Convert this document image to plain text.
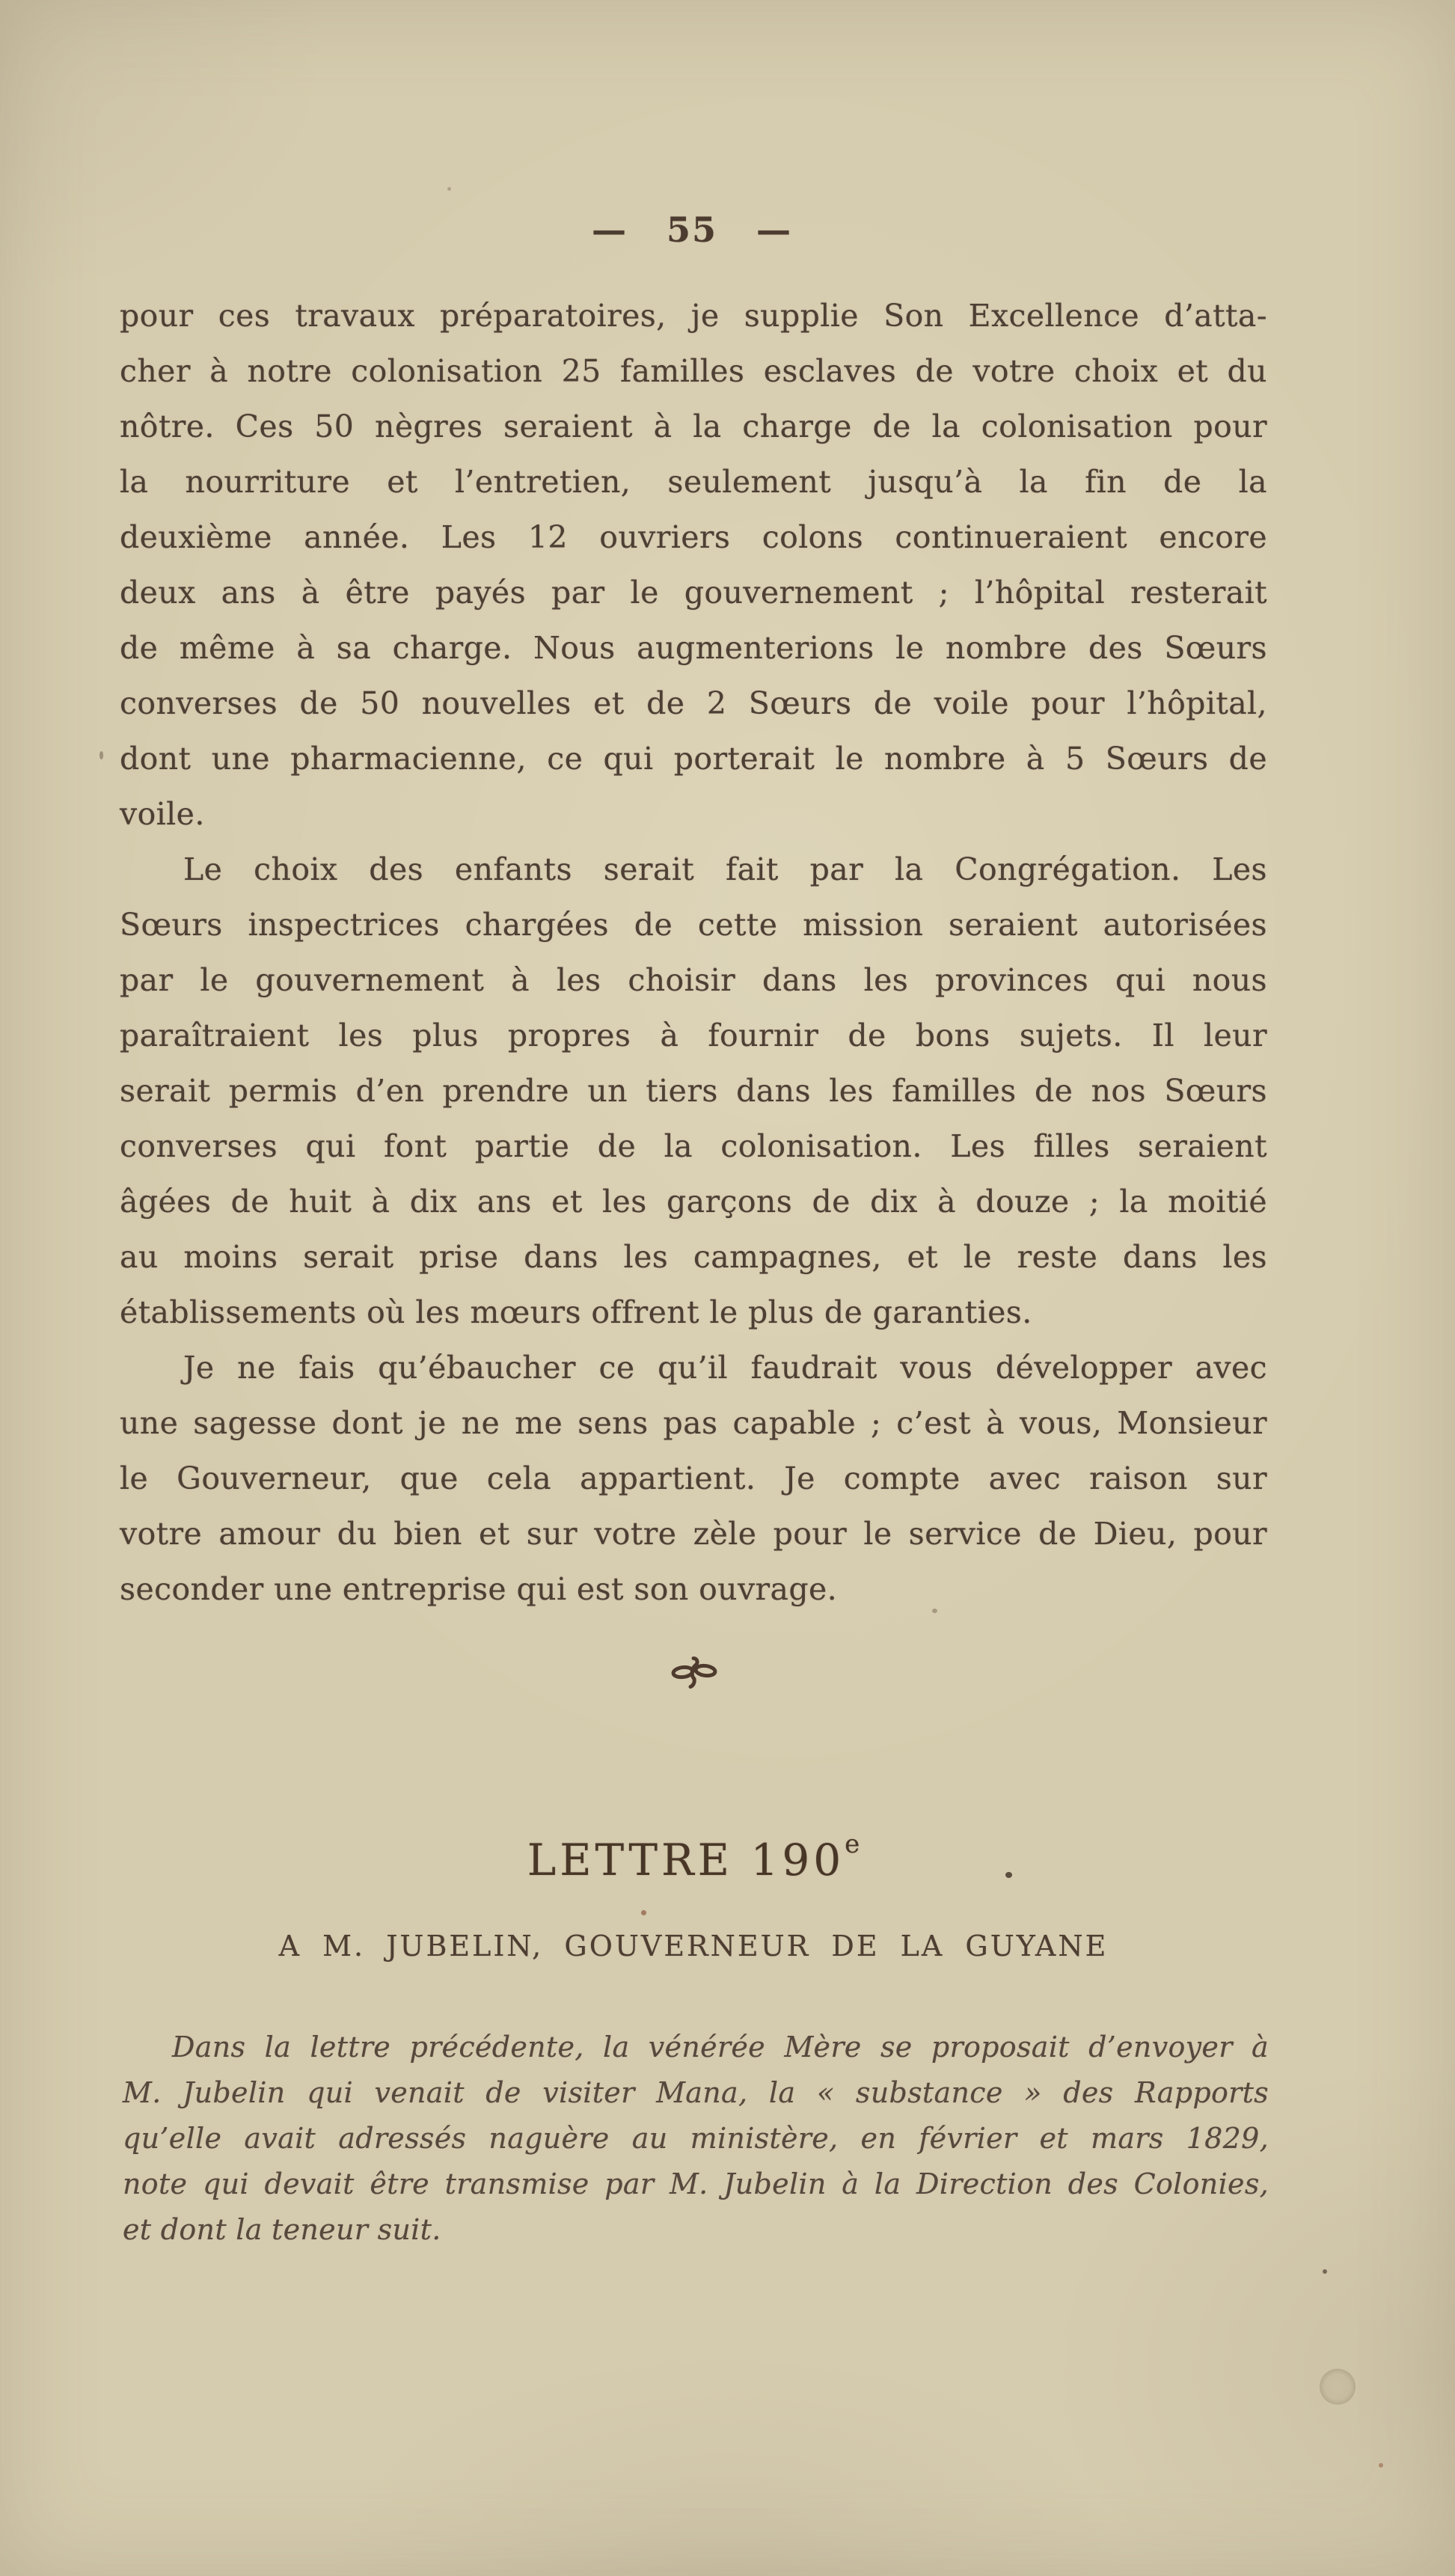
— 55 —
pour ces travaux préparatoires, je supplie Son Excellence d’atta-
cher à notre colonisation 25 familles esclaves de votre choix et du
nôtre. Ces 50 nègres seraient à la charge de la colonisation pour
la nourriture et l’entretien, seulement jusqu’à la fin de la
deuxième année. Les 12 ouvriers colons continueraient encore
deux ans à être payés par le gouvernement ; l’hôpital resterait
de même à sa charge. Nous augmenterions le nombre des Sœurs
converses de 50 nouvelles et de 2 Sœurs de voile pour l’hôpital,
dont une pharmacienne, ce qui porterait le nombre à 5 Sœurs de
voile.
Le choix des enfants serait fait par la Congrégation. Les
Sœurs inspectrices chargées de cette mission seraient autorisées
par le gouvernement à les choisir dans les provinces qui nous
paraîtraient les plus propres à fournir de bons sujets. Il leur
serait permis d’en prendre un tiers dans les familles de nos Sœurs
converses qui font partie de la colonisation. Les filles seraient
âgées de huit à dix ans et les garçons de dix à douze ; la moitié
au moins serait prise dans les campagnes, et le reste dans les
établissements où les mœurs offrent le plus de garanties.
Je ne fais qu’ébaucher ce qu’il faudrait vous développer avec
une sagesse dont je ne me sens pas capable ; c’est à vous, Monsieur
le Gouverneur, que cela appartient. Je compte avec raison sur
votre amour du bien et sur votre zèle pour le service de Dieu, pour
seconder une entreprise qui est son ouvrage.
LETTRE 190e
A M. JUBELIN, GOUVERNEUR DE LA GUYANE
Dans la lettre précédente, la vénérée Mère se proposait d’envoyer à
M. Jubelin qui venait de visiter Mana, la « substance » des Rapports
qu’elle avait adressés naguère au ministère, en février et mars 1829,
note qui devait être transmise par M. Jubelin à la Direction des Colonies,
et dont la teneur suit.
